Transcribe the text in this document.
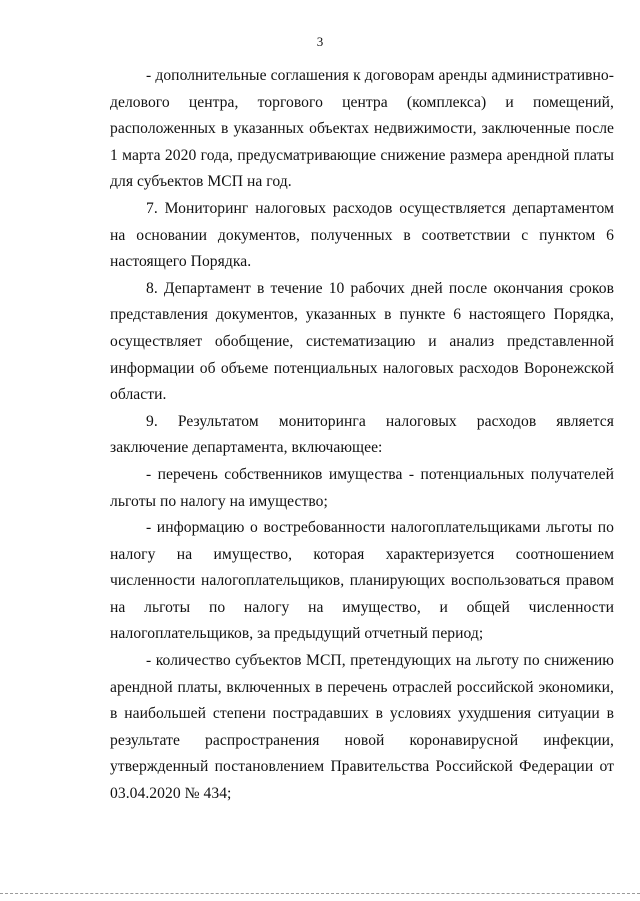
3

- дополнительные соглашения к договорам аренды административно-делового центра, торгового центра (комплекса) и помещений, расположенных в указанных объектах недвижимости, заключенные после 1 марта 2020 года, предусматривающие снижение размера арендной платы для субъектов МСП на год.

7. Мониторинг налоговых расходов осуществляется департаментом на основании документов, полученных в соответствии с пунктом 6 настоящего Порядка.

8. Департамент в течение 10 рабочих дней после окончания сроков представления документов, указанных в пункте 6 настоящего Порядка, осуществляет обобщение, систематизацию и анализ представленной информации об объеме потенциальных налоговых расходов Воронежской области.

9. Результатом мониторинга налоговых расходов является заключение департамента, включающее:

- перечень собственников имущества - потенциальных получателей льготы по налогу на имущество;

- информацию о востребованности налогоплательщиками льготы по налогу на имущество, которая характеризуется соотношением численности налогоплательщиков, планирующих воспользоваться правом на льготы по налогу на имущество, и общей численности налогоплательщиков, за предыдущий отчетный период;

- количество субъектов МСП, претендующих на льготу по снижению арендной платы, включенных в перечень отраслей российской экономики, в наибольшей степени пострадавших в условиях ухудшения ситуации в результате распространения новой коронавирусной инфекции, утвержденный постановлением Правительства Российской Федерации от 03.04.2020 № 434;
